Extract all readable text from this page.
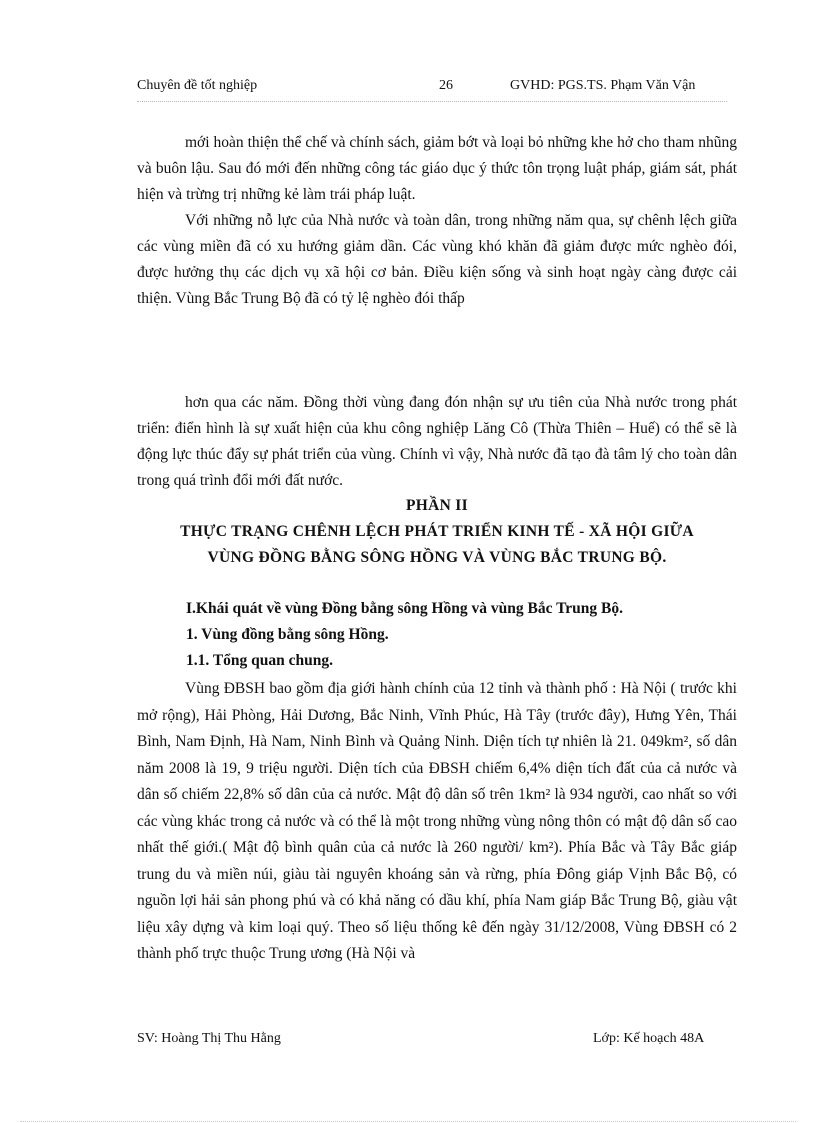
Chuyên đề tốt nghiệp	26	GVHD: PGS.TS. Phạm Văn Vận

mới hoàn thiện thể chế và chính sách, giảm bớt và loại bỏ những khe hở cho tham nhũng và buôn lậu. Sau đó mới đến những công tác giáo dục ý thức tôn trọng luật pháp, giám sát, phát hiện và trừng trị những kẻ làm trái pháp luật.

Với những nỗ lực của Nhà nước và toàn dân, trong những năm qua, sự chênh lệch giữa các vùng miền đã có xu hướng giảm dần. Các vùng khó khăn đã giảm được mức nghèo đói, được hưởng thụ các dịch vụ xã hội cơ bản. Điều kiện sống và sinh hoạt ngày càng được cải thiện. Vùng Bắc Trung Bộ đã có tỷ lệ nghèo đói thấp

hơn qua các năm. Đồng thời vùng đang đón nhận sự ưu tiên của Nhà nước trong phát triển: điển hình là sự xuất hiện của khu công nghiệp Lăng Cô (Thừa Thiên – Huế) có thể sẽ là động lực thúc đẩy sự phát triển của vùng. Chính vì vậy, Nhà nước đã tạo đà tâm lý cho toàn dân trong quá trình đổi mới đất nước.

PHẦN II
THỰC TRẠNG CHÊNH LỆCH PHÁT TRIỂN KINH TẾ - XÃ HỘI GIỮA
VÙNG ĐỒNG BẰNG SÔNG HỒNG VÀ VÙNG BẮC TRUNG BỘ.
I.Khái quát về vùng Đồng bằng sông Hồng và vùng Bắc Trung Bộ.
1. Vùng đồng bằng sông Hồng.
1.1. Tổng quan chung.

Vùng ĐBSH bao gồm địa giới hành chính của 12 tỉnh và thành phố : Hà Nội ( trước khi mở rộng), Hải Phòng, Hải Dương, Bắc Ninh, Vĩnh Phúc, Hà Tây (trước đây), Hưng Yên, Thái Bình, Nam Định, Hà Nam, Ninh Bình và Quảng Ninh. Diện tích tự nhiên là 21. 049km², số dân năm 2008 là 19, 9 triệu người. Diện tích của ĐBSH chiếm 6,4% diện tích đất của cả nước và dân số chiếm 22,8% số dân của cả nước. Mật độ dân số trên 1km² là 934 người, cao nhất so với các vùng khác trong cả nước và có thể là một trong những vùng nông thôn có mật độ dân số cao nhất thế giới.( Mật độ bình quân của cả nước là 260 người/ km²). Phía Bắc và Tây Bắc giáp trung du và miền núi, giàu tài nguyên khoáng sản và rừng, phía Đông giáp Vịnh Bắc Bộ, có nguồn lợi hải sản phong phú và có khả năng có dầu khí, phía Nam giáp Bắc Trung Bộ, giàu vật liệu xây dựng và kim loại quý. Theo số liệu thống kê đến ngày 31/12/2008, Vùng ĐBSH có 2 thành phố trực thuộc Trung ương (Hà Nội và

SV: Hoàng Thị Thu Hằng	Lớp: Kế hoạch 48A
